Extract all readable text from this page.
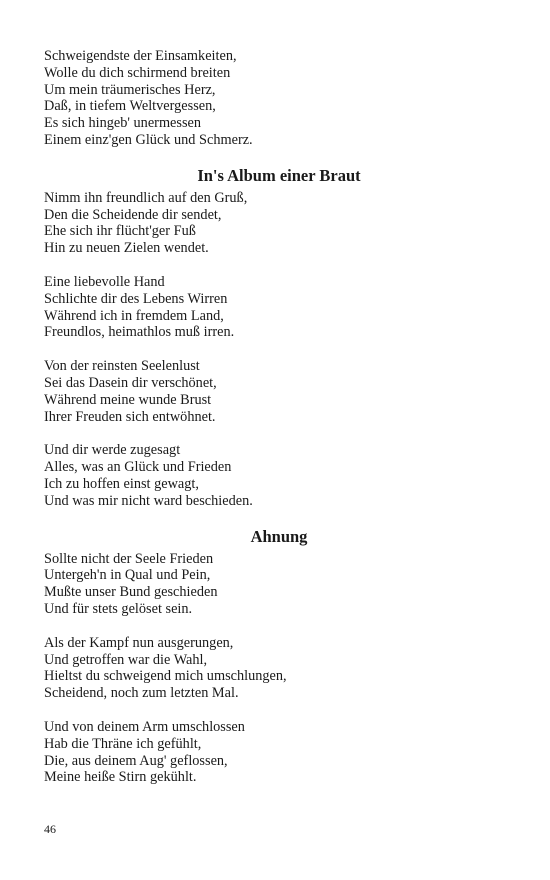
Schweigendste der Einsamkeiten,
Wolle du dich schirmend breiten
Um mein träumerisches Herz,
Daß, in tiefem Weltvergessen,
Es sich hingeb' unermessen
Einem einz'gen Glück und Schmerz.
In's Album einer Braut
Nimm ihn freundlich auf den Gruß,
Den die Scheidende dir sendet,
Ehe sich ihr flücht'ger Fuß
Hin zu neuen Zielen wendet.
Eine liebevolle Hand
Schlichte dir des Lebens Wirren
Während ich in fremdem Land,
Freundlos, heimathlos muß irren.
Von der reinsten Seelenlust
Sei das Dasein dir verschönet,
Während meine wunde Brust
Ihrer Freuden sich entwöhnet.
Und dir werde zugesagt
Alles, was an Glück und Frieden
Ich zu hoffen einst gewagt,
Und was mir nicht ward beschieden.
Ahnung
Sollte nicht der Seele Frieden
Untergeh'n in Qual und Pein,
Mußte unser Bund geschieden
Und für stets gelöset sein.
Als der Kampf nun ausgerungen,
Und getroffen war die Wahl,
Hieltst du schweigend mich umschlungen,
Scheidend, noch zum letzten Mal.
Und von deinem Arm umschlossen
Hab die Thräne ich gefühlt,
Die, aus deinem Aug' geflossen,
Meine heiße Stirn gekühlt.
46
